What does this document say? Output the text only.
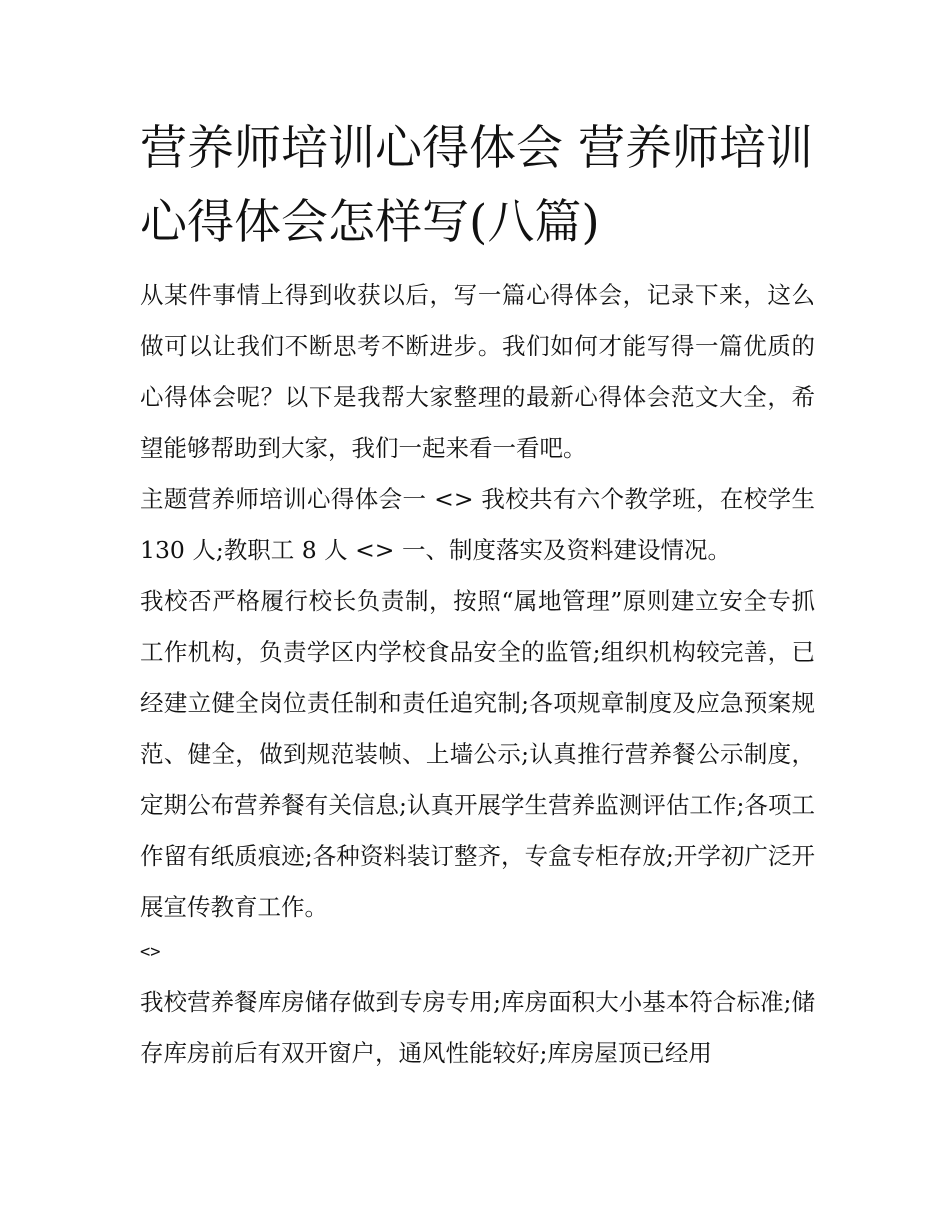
营养师培训心得体会 营养师培训心得体会怎样写(八篇)

从某件事情上得到收获以后，写一篇心得体会，记录下来，这么做可以让我们不断思考不断进步。我们如何才能写得一篇优质的心得体会呢？以下是我帮大家整理的最新心得体会范文大全，希望能够帮助到大家，我们一起来看一看吧。

主题营养师培训心得体会一 <> 我校共有六个教学班，在校学生 130 人;教职工 8 人 <> 一、制度落实及资料建设情况。

我校否严格履行校长负责制，按照“属地管理”原则建立安全专抓工作机构，负责学区内学校食品安全的监管;组织机构较完善，已经建立健全岗位责任制和责任追究制;各项规章制度及应急预案规范、健全，做到规范装帧、上墙公示;认真推行营养餐公示制度，定期公布营养餐有关信息;认真开展学生营养监测评估工作;各项工作留有纸质痕迹;各种资料装订整齐，专盒专柜存放;开学初广泛开展宣传教育工作。

<>

我校营养餐库房储存做到专房专用;库房面积大小基本符合标准;储存库房前后有双开窗户，通风性能较好;库房屋顶已经用
